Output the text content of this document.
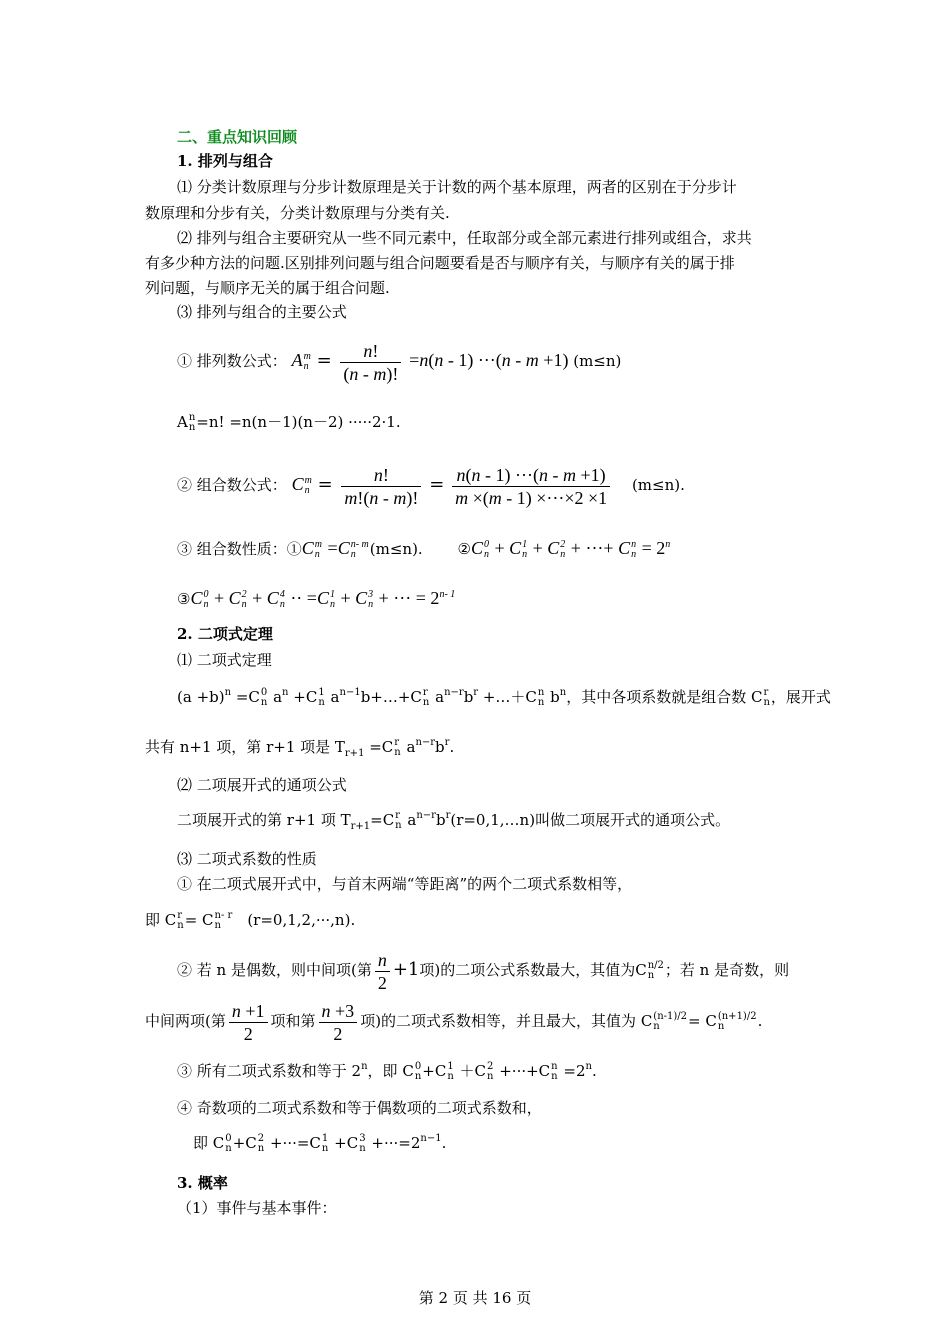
二、重点知识回顾
1. 排列与组合
⑴ 分类计数原理与分步计数原理是关于计数的两个基本原理，两者的区别在于分步计
数原理和分步有关，分类计数原理与分类有关.
⑵ 排列与组合主要研究从一些不同元素中，任取部分或全部元素进行排列或组合，求共
有多少种方法的问题.区别排列问题与组合问题要看是否与顺序有关，与顺序有关的属于排
列问题，与顺序无关的属于组合问题.
⑶ 排列与组合的主要公式
① 排列数公式： A m
$n = \frac{n!}{(n - m)!} =n(n - 1) \cdot\cdot\cdot(n - m +1)$ (m≤n)
A n
n =n! =n(n－1)(n－2) ·····2·1.
② 组合数公式： C m
$n = \frac{n!}{m!(n - m)!} = \frac{n(n - 1) \cdot\cdot\cdot(n - m +1)}{m \times(m - 1) \times\cdot\cdot\cdot\times 2 \times 1} (m\le n)$.
③ 组合数性质：①C m
n =C n- m
n (m≤n). ②C 0
n + C 1
n + C 2
n + ···+ C n
$n = 2^n$
③C 0
n + C 2
n + C 4
n ·· =C 1
n + C 3
n + ··· = $2^{n- 1}$
2. 二项式定理
⑴ 二项式定理
$(a +b)^n =C$ 0
n $a^n +C$ 1
n $a^{n-1}b+\dots+C$ r
n $a^{n-r}b^r$ +…＋C n
n $b^n$，其中各项系数就是组合数 C r
n ，展开式
共有 n+1 项，第 r+1 项是 $T_{r+1} =C$ r
n $a^{n-r}b^r$.
⑵ 二项展开式的通项公式
二项展开式的第 r+1 项 $T_{r+1}=C$ r
n $a^{n-r}b^r(r=0,1,\dots n)$叫做二项展开式的通项公式。
⑶ 二项式系数的性质
① 在二项式展开式中，与首末两端“等距离”的两个二项式系数相等，
即 C r
n = C n- r
n	(r=0,1,2,···,n).
② 若 n 是偶数，则中间项(第 $\frac{n}{2} +1$项)的二项公式系数最大，其值为C n/2
n ；若 n 是奇数，则
中间两项(第 $\frac{n +1}{2}$ 项和第 $\frac{n +3}{2}$ 项)的二项式系数相等，并且最大，其值为 C (n-1)/2
n	= C (n+1)/2
n	.
③ 所有二项式系数和等于 2$^n$，即 C 0
n +C 1
n ＋C 2
n +···+C n
$n =2^n$.
④ 奇数项的二项式系数和等于偶数项的二项式系数和，
即 C 0
n +C 2
n +···=C 1
n +C 3
$n +\cdot\cdot\cdot=2^{n-1}$.
3. 概率
（1）事件与基本事件：
第 2 页 共 16 页
